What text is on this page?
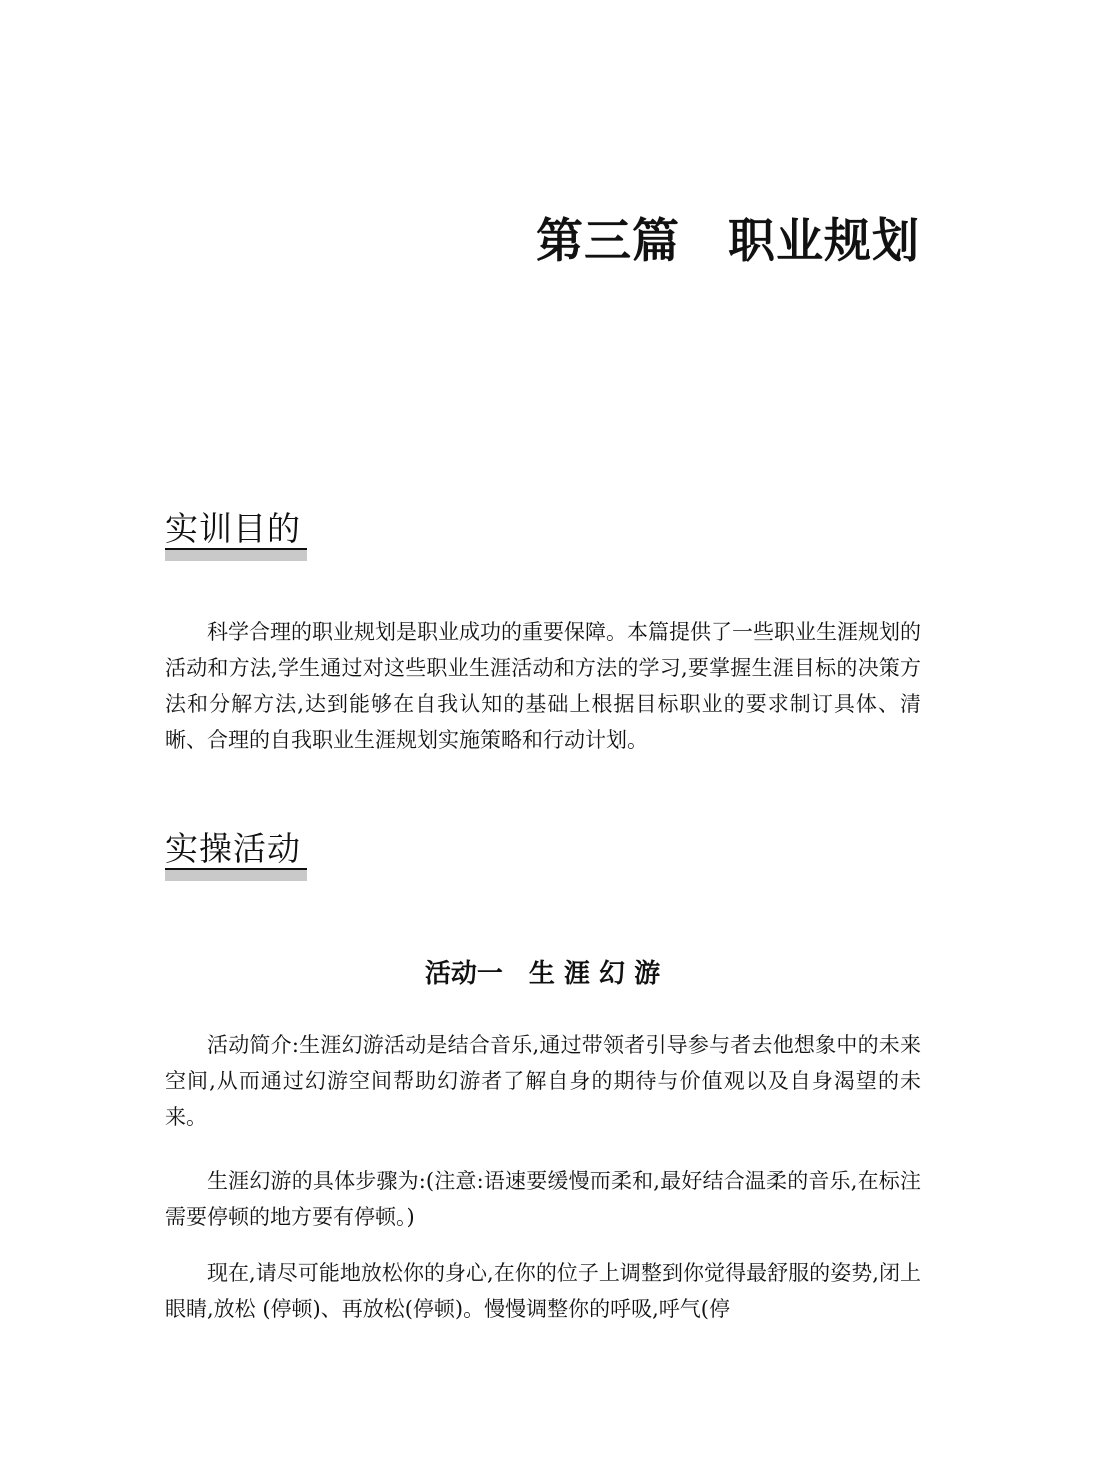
第三篇　职业规划
实训目的

科学合理的职业规划是职业成功的重要保障。本篇提供了一些职业生涯规划的活动和方法,学生通过对这些职业生涯活动和方法的学习,要掌握生涯目标的决策方法和分解方法,达到能够在自我认知的基础上根据目标职业的要求制订具体、清晰、合理的自我职业生涯规划实施策略和行动计划。

实操活动
活动一　生 涯 幻 游

活动简介:生涯幻游活动是结合音乐,通过带领者引导参与者去他想象中的未来空间,从而通过幻游空间帮助幻游者了解自身的期待与价值观以及自身渴望的未来。

生涯幻游的具体步骤为:(注意:语速要缓慢而柔和,最好结合温柔的音乐,在标注需要停顿的地方要有停顿。)

现在,请尽可能地放松你的身心,在你的位子上调整到你觉得最舒服的姿势,闭上眼睛,放松 (停顿)、再放松(停顿)。慢慢调整你的呼吸,呼气(停
